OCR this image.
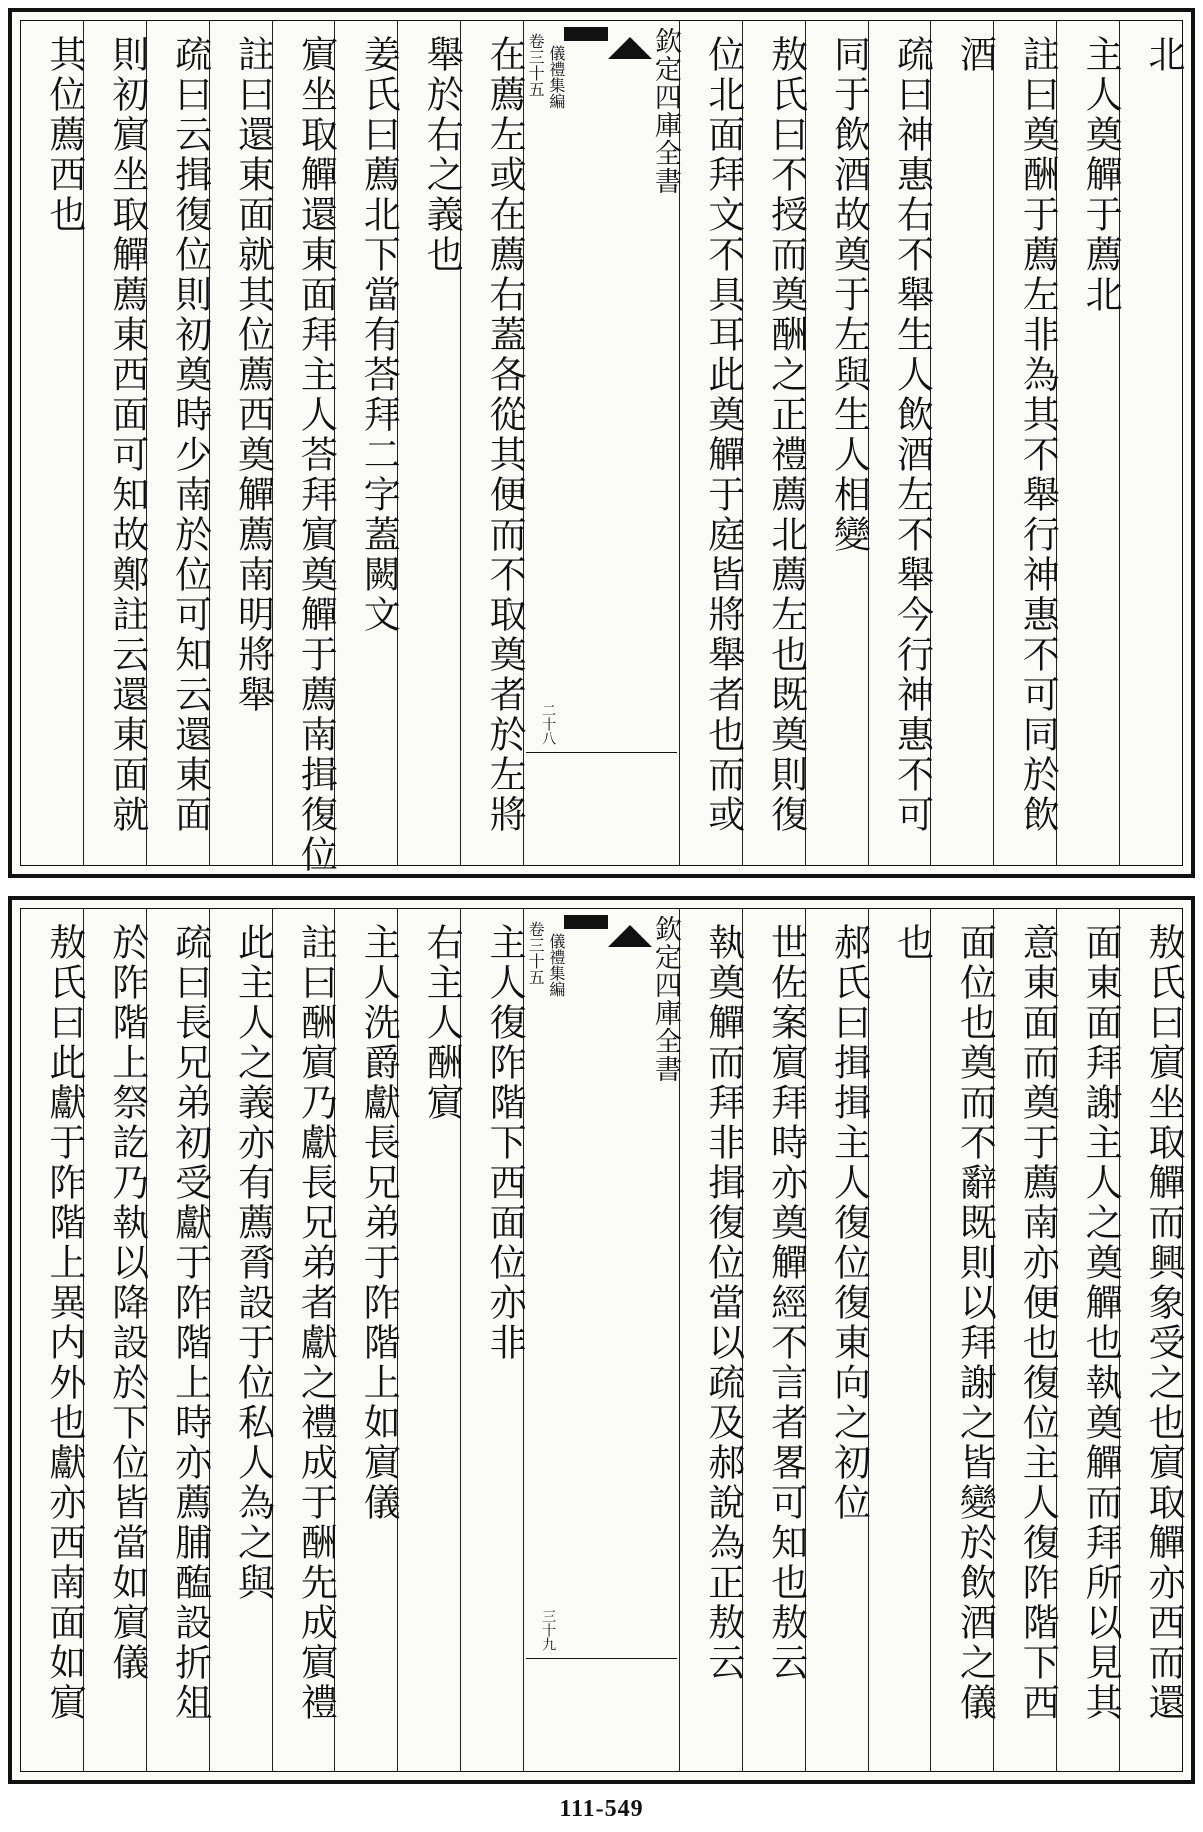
北
主人奠觶于薦北
註曰奠酬于薦左非為其不舉行神惠不可同於飲
酒
疏曰神惠右不舉生人飲酒左不舉今行神惠不可
同于飲酒故奠于左與生人相變
敖氏曰不授而奠酬之正禮薦北薦左也既奠則復
位北面拜文不具耳此奠觶于庭皆將舉者也而或
欽定四庫全書
儀禮集編
卷三十五
二十八
在薦左或在薦右蓋各從其便而不取奠者於左將
舉於右之義也
姜氏曰薦北下當有荅拜二字蓋闕文
賔坐取觶還東面拜主人荅拜賔奠觶于薦南揖復位
註曰還東面就其位薦西奠觶薦南明將舉
疏曰云揖復位則初奠時少南於位可知云還東面
則初賔坐取觶薦東西面可知故鄭註云還東面就
其位薦西也
敖氏曰賔坐取觶而興象受之也賔取觶亦西而還
面東面拜謝主人之奠觶也執奠觶而拜所以見其
意東面而奠于薦南亦便也復位主人復阼階下西
面位也奠而不辭既則以拜謝之皆變於飲酒之儀
也
郝氏曰揖揖主人復位復東向之初位
世佐案賔拜時亦奠觶經不言者畧可知也敖云
執奠觶而拜非揖復位當以疏及郝說為正敖云
欽定四庫全書
儀禮集編
卷三十五
三十九
主人復阼階下西面位亦非
右主人酬賔
主人洗爵獻長兄弟于阼階上如賔儀
註曰酬賔乃獻長兄弟者獻之禮成于酬先成賔禮
此主人之義亦有薦脀設于位私人為之與
疏曰長兄弟初受獻于阼階上時亦薦脯醢設折俎
於阼階上祭訖乃執以降設於下位皆當如賔儀
敖氏曰此獻于阼階上異内外也獻亦西南面如賔
111-549
